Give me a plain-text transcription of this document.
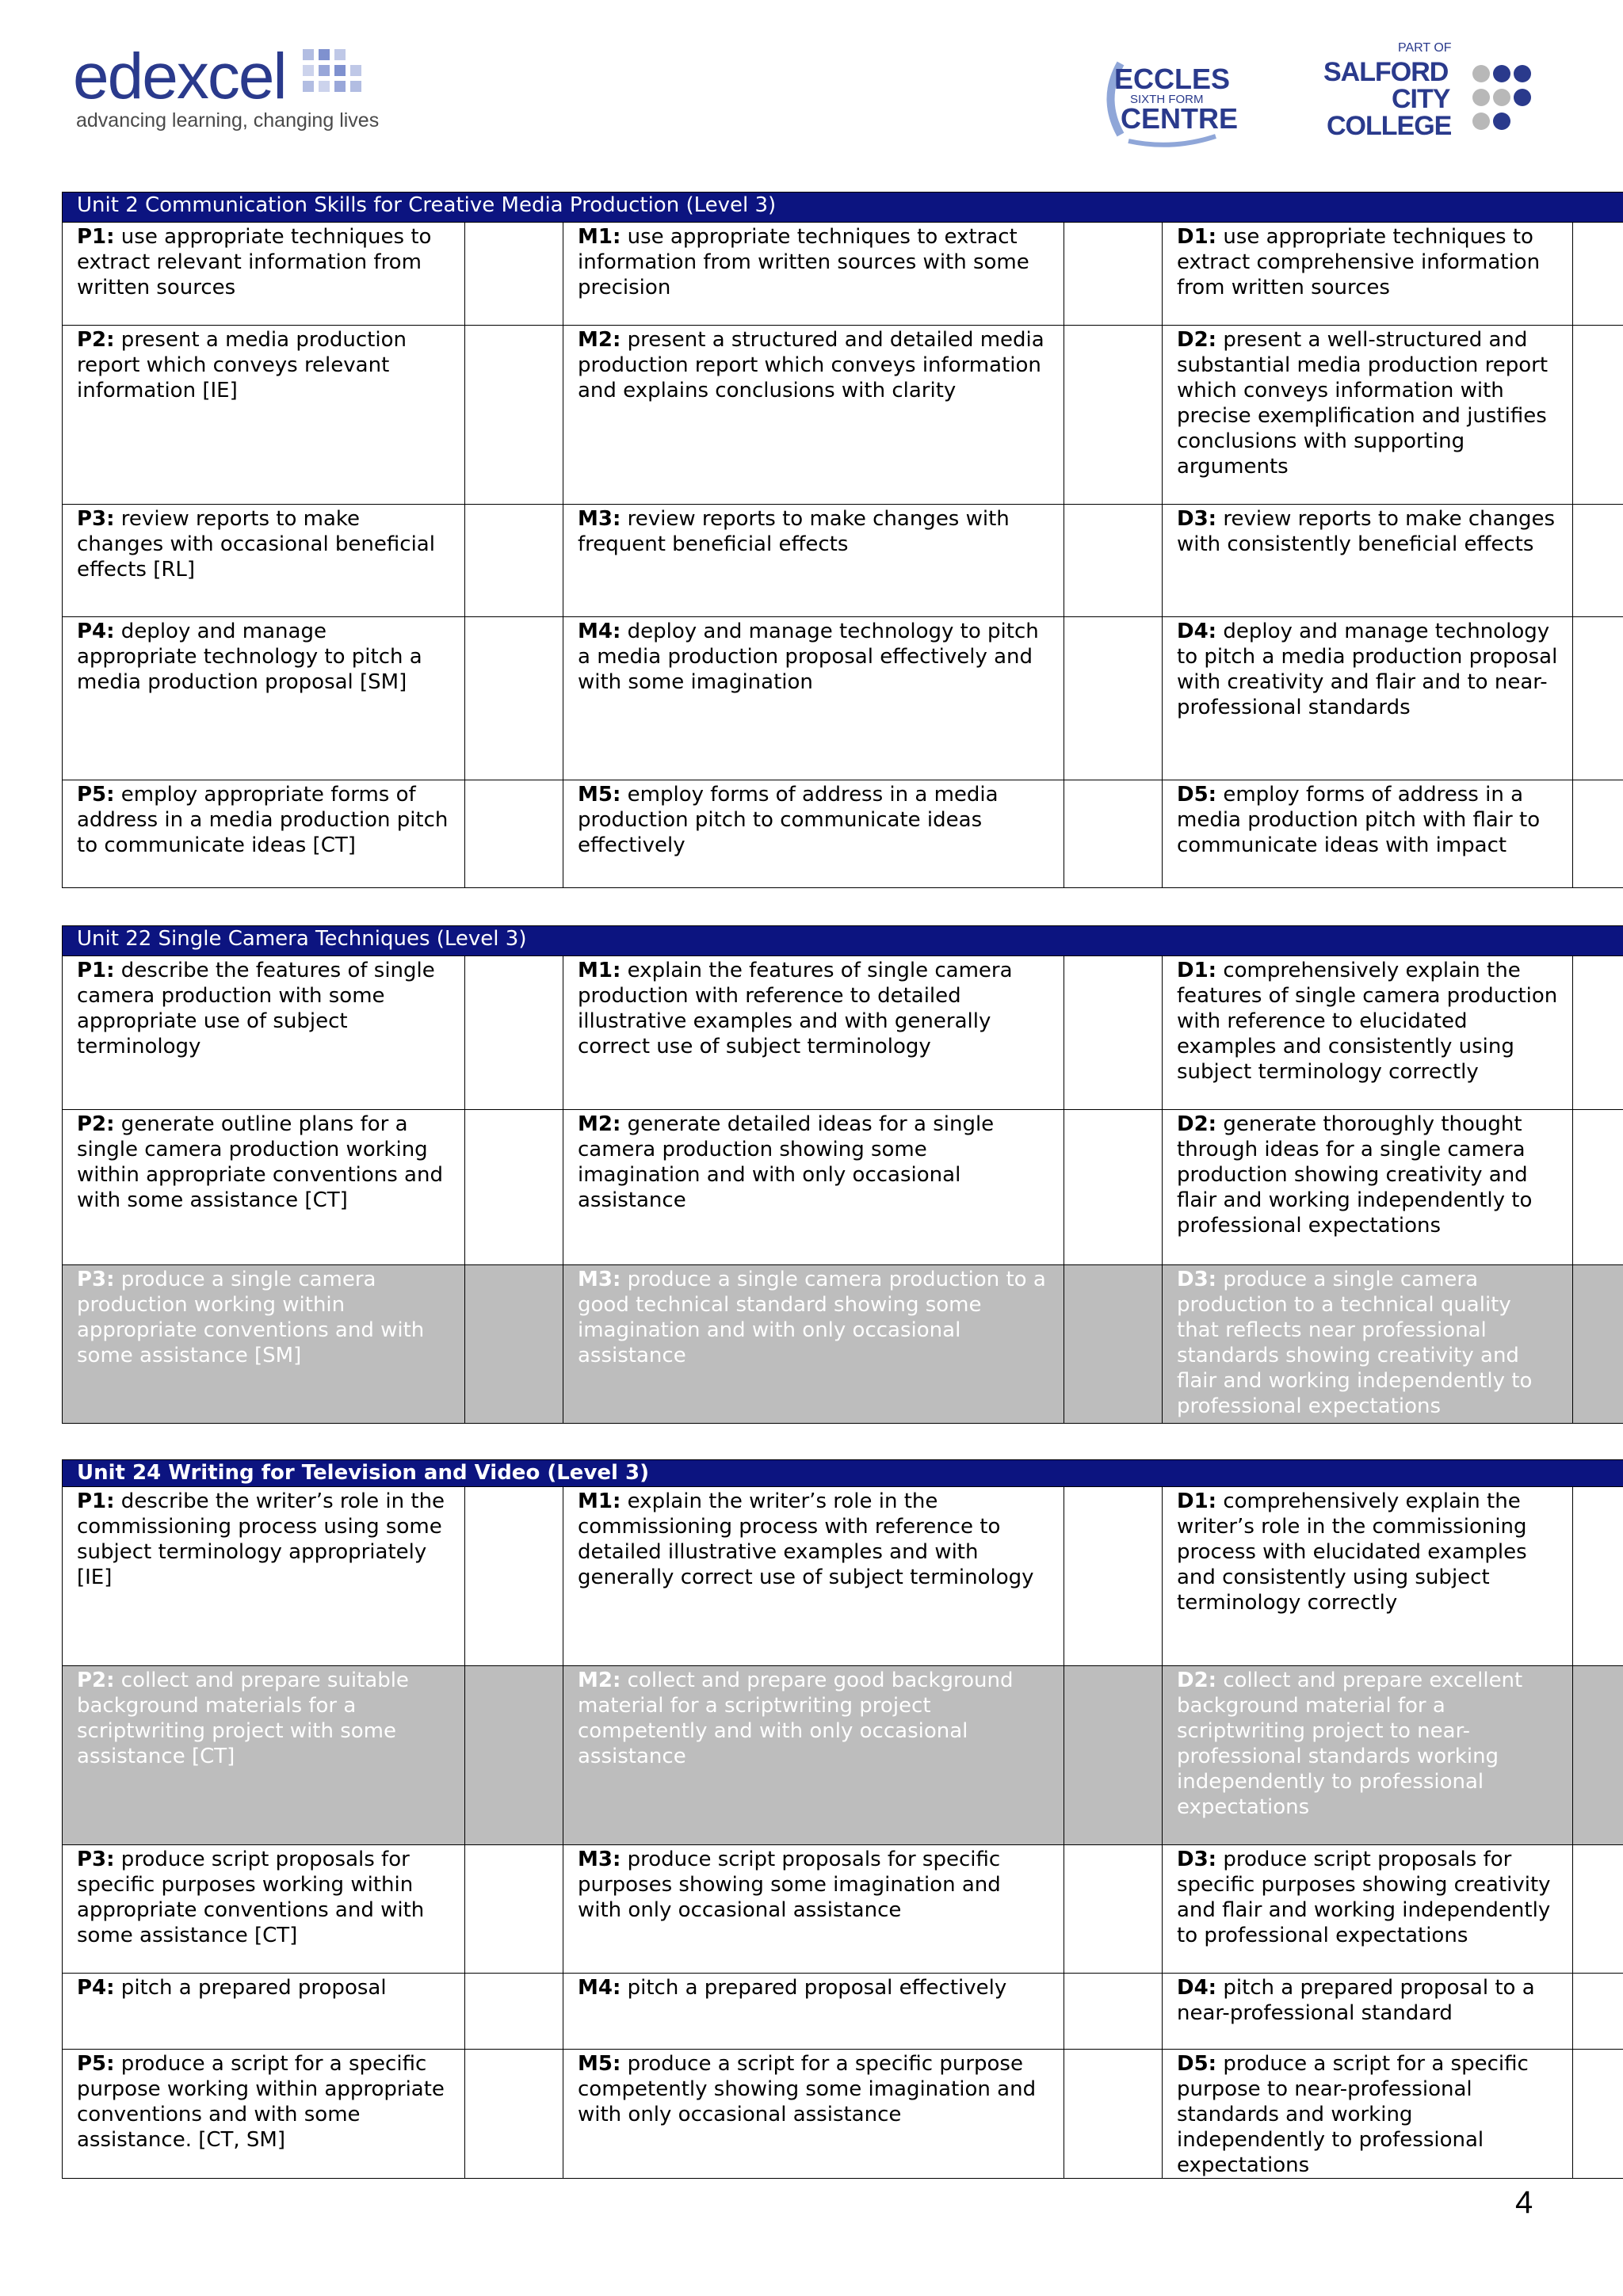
edexcel
advancing learning, changing lives
ECCLES
SIXTH FORM
CENTRE
PART OF
SALFORD
CITY
COLLEGE
Unit 2 Communication Skills for Creative Media Production (Level 3)					
P1: use appropriate techniques to extract relevant information from written sources		M1: use appropriate techniques to extract information from written sources with some precision		D1: use appropriate techniques to extract comprehensive information from written sources	
P2: present a media production report which conveys relevant information [IE]		M2: present a structured and detailed media production report which conveys information and explains conclusions with clarity		D2: present a well-structured and substantial media production report which conveys information with precise exemplification and justifies conclusions with supporting arguments	
P3: review reports to make changes with occasional beneficial effects [RL]		M3: review reports to make changes with frequent beneficial effects		D3: review reports to make changes with consistently beneficial effects	
P4: deploy and manage appropriate technology to pitch a media production proposal [SM]		M4: deploy and manage technology to pitch a media production proposal effectively and with some imagination		D4: deploy and manage technology to pitch a media production proposal with creativity and flair and to near-professional standards	
P5: employ appropriate forms of address in a media production pitch to communicate ideas [CT]		M5: employ forms of address in a media production pitch to communicate ideas effectively		D5: employ forms of address in a media production pitch with flair to communicate ideas with impact	
Unit 22 Single Camera Techniques (Level 3)					
P1: describe the features of single camera production with some appropriate use of subject terminology		M1: explain the features of single camera production with reference to detailed illustrative examples and with generally correct use of subject terminology		D1: comprehensively explain the features of single camera production with reference to elucidated examples and consistently using subject terminology correctly	
P2: generate outline plans for a single camera production working within appropriate conventions and with some assistance [CT]		M2: generate detailed ideas for a single camera production showing some imagination and with only occasional assistance		D2: generate thoroughly thought through ideas for a single camera production showing creativity and flair and working independently to professional expectations	
P3: produce a single camera production working within appropriate conventions and with some assistance [SM]		M3: produce a single camera production to a good technical standard showing some imagination and with only occasional assistance		D3: produce a single camera production to a technical quality that reflects near professional standards showing creativity and flair and working independently to professional expectations	
Unit 24 Writing for Television and Video (Level 3)					
P1: describe the writer’s role in the commissioning process using some subject terminology appropriately [IE]		M1: explain the writer’s role in the commissioning process with reference to detailed illustrative examples and with generally correct use of subject terminology		D1: comprehensively explain the writer’s role in the commissioning process with elucidated examples and consistently using subject terminology correctly	
P2: collect and prepare suitable background materials for a scriptwriting project with some assistance [CT]		M2: collect and prepare good background material for a scriptwriting project competently and with only occasional assistance		D2: collect and prepare excellent background material for a scriptwriting project to near-professional standards working independently to professional expectations	
P3: produce script proposals for specific purposes working within appropriate conventions and with some assistance [CT]		M3: produce script proposals for specific purposes showing some imagination and with only occasional assistance		D3: produce script proposals for specific purposes showing creativity and flair and working independently to professional expectations	
P4: pitch a prepared proposal		M4: pitch a prepared proposal effectively		D4: pitch a prepared proposal to a near-professional standard	
P5: produce a script for a specific purpose working within appropriate conventions and with some assistance. [CT, SM]		M5: produce a script for a specific purpose competently showing some imagination and with only occasional assistance		D5: produce a script for a specific purpose to near-professional standards and working independently to professional expectations	
4
